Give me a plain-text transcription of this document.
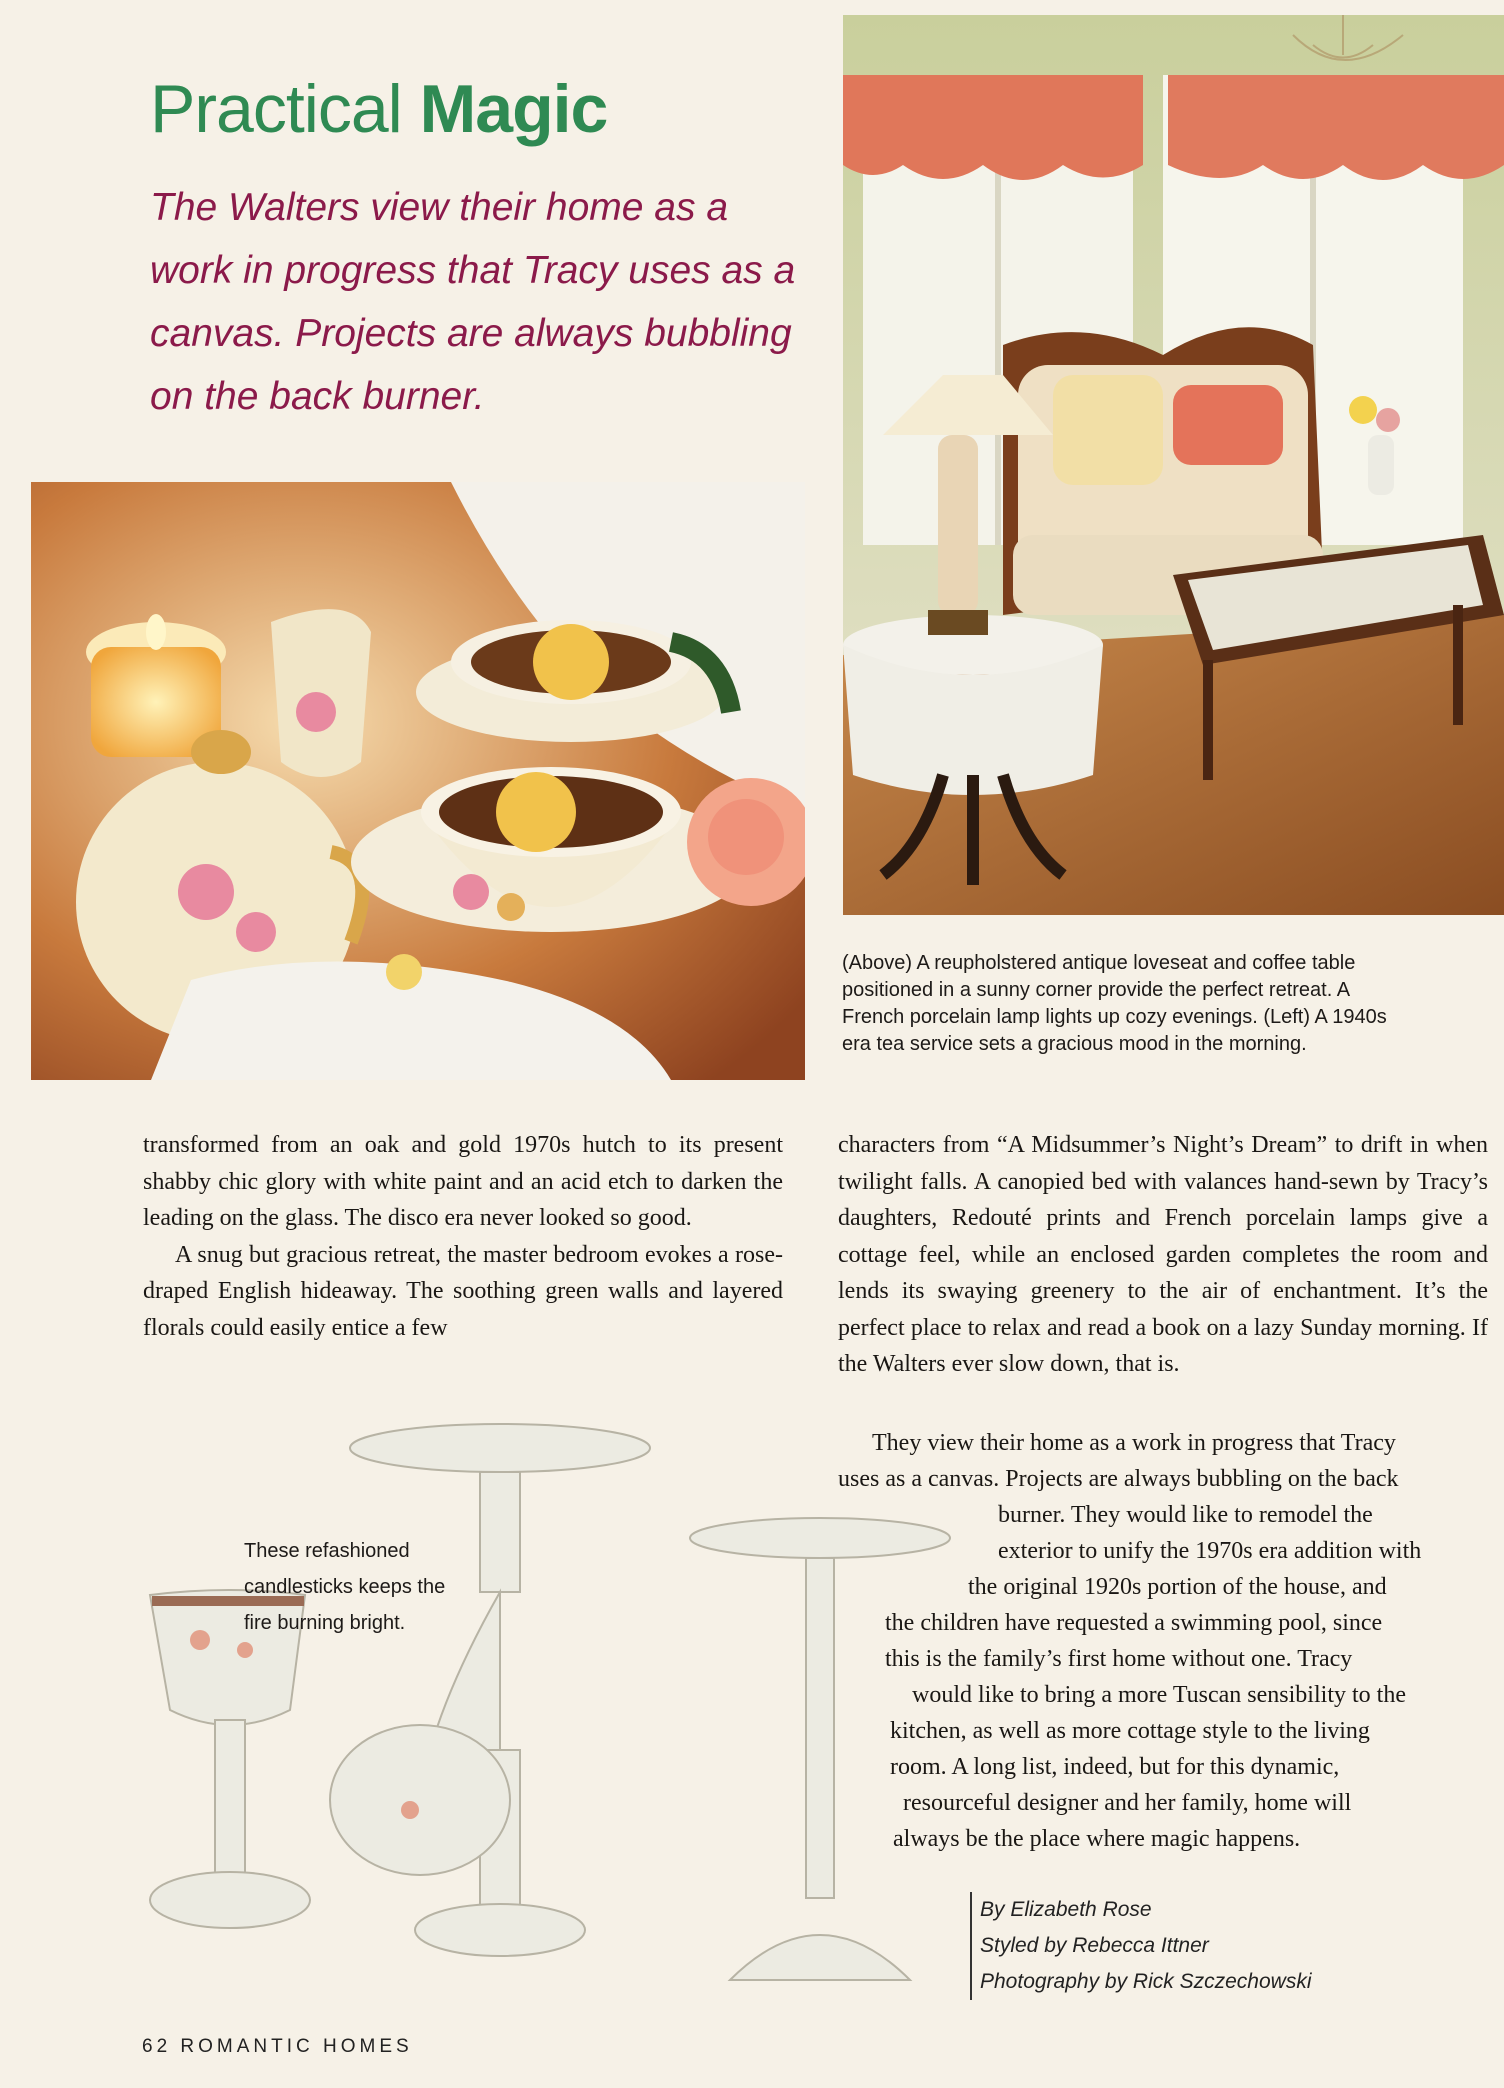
Practical Magic

The Walters view their home as a work in progress that Tracy uses as a canvas. Projects are always bubbling on the back burner.

(Above) A reupholstered antique loveseat and coffee table positioned in a sunny corner provide the perfect retreat. A French porcelain lamp lights up cozy evenings. (Left) A 1940s era tea service sets a gracious mood in the morning.

transformed from an oak and gold 1970s hutch to its present shabby chic glory with white paint and an acid etch to darken the leading on the glass. The disco era never looked so good.

A snug but gracious retreat, the master bedroom evokes a rose-draped English hideaway. The soothing green walls and layered florals could easily entice a few

characters from “A Midsummer’s Night’s Dream” to drift in when twilight falls. A canopied bed with valances hand-sewn by Tracy’s daughters, Redouté prints and French porcelain lamps give a cottage feel, while an enclosed garden completes the room and lends its swaying greenery to the air of enchantment. It’s the perfect place to relax and read a book on a lazy Sunday morning. If the Walters ever slow down, that is.

They view their home as a work in progress that Tracy
uses as a canvas. Projects are always bubbling on the back
burner. They would like to remodel the
exterior to unify the 1970s era addition with
the original 1920s portion of the house, and
the children have requested a swimming pool, since
this is the family’s first home without one. Tracy
would like to bring a more Tuscan sensibility to the
kitchen, as well as more cottage style to the living
room. A long list, indeed, but for this dynamic,
resourceful designer and her family, home will
always be the place where magic happens.

These refashioned candlesticks keeps the fire burning bright.

By Elizabeth Rose
Styled by Rebecca Ittner
Photography by Rick Szczechowski
62 ROMANTIC HOMES
